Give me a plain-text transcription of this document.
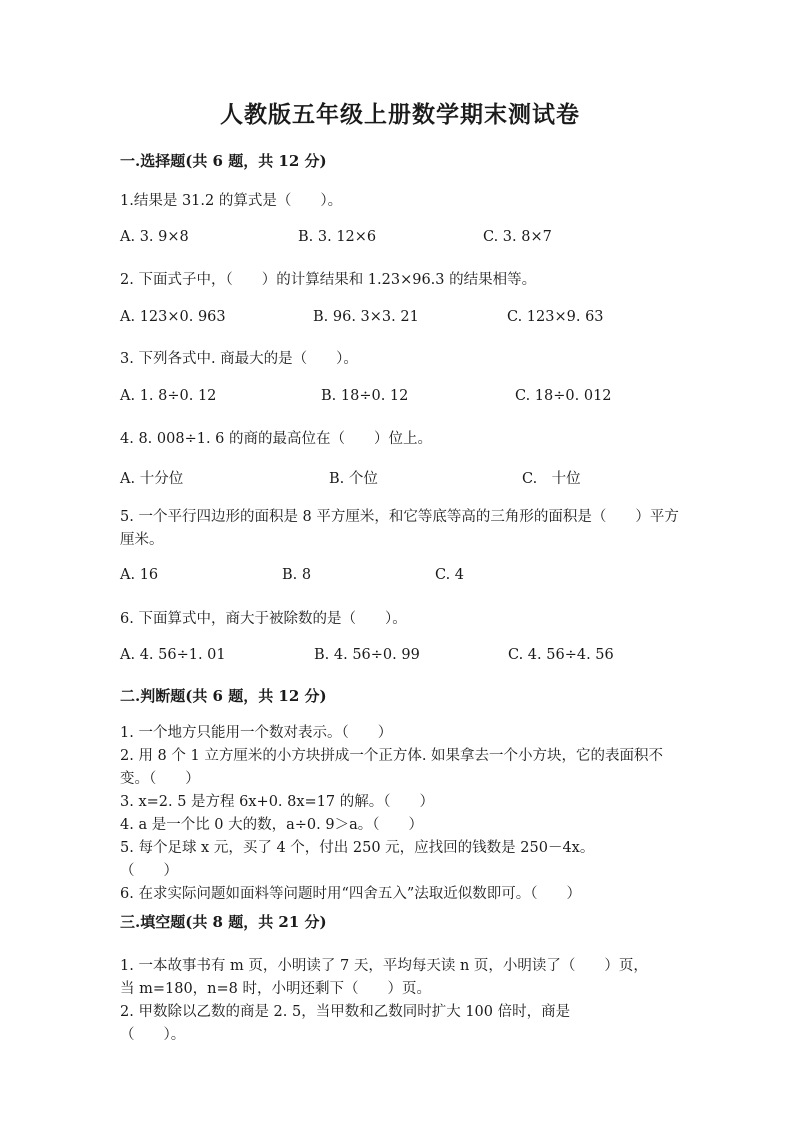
人教版五年级上册数学期末测试卷

一.选择题(共 6 题，共 12 分)

1.结果是 31.2 的算式是（　　）。

A. 3. 9×8	B. 3. 12×6	C. 3. 8×7

2. 下面式子中，（　　）的计算结果和 1.23×96.3 的结果相等。

A. 123×0. 963	B. 96. 3×3. 21	C. 123×9. 63

3. 下列各式中. 商最大的是（　　）。

A. 1. 8÷0. 12	B. 18÷0. 12	C. 18÷0. 012

4. 8. 008÷1. 6 的商的最高位在（　　）位上。

A. 十分位	B. 个位	C.　十位

5. 一个平行四边形的面积是 8 平方厘米，和它等底等高的三角形的面积是（　　）平方厘米。

A. 16	B. 8	C. 4

6. 下面算式中，商大于被除数的是（　　）。

A. 4. 56÷1. 01	B. 4. 56÷0. 99	C. 4. 56÷4. 56

二.判断题(共 6 题，共 12 分)

1. 一个地方只能用一个数对表示。（　　）

2. 用 8 个 1 立方厘米的小方块拼成一个正方体. 如果拿去一个小方块，它的表面积不变。（　　）

3. x=2. 5 是方程 6x+0. 8x=17 的解。（　　）

4. a 是一个比 0 大的数，a÷0. 9＞a。（　　）

5. 每个足球 x 元，买了 4 个，付出 250 元，应找回的钱数是 250－4x。（　　）

6. 在求实际问题如面料等问题时用“四舍五入”法取近似数即可。（　　）

三.填空题(共 8 题，共 21 分)

1. 一本故事书有 m 页，小明读了 7 天，平均每天读 n 页，小明读了（　　）页，当 m=180，n=8 时，小明还剩下（　　）页。

2. 甲数除以乙数的商是 2. 5，当甲数和乙数同时扩大 100 倍时，商是（　　）。
